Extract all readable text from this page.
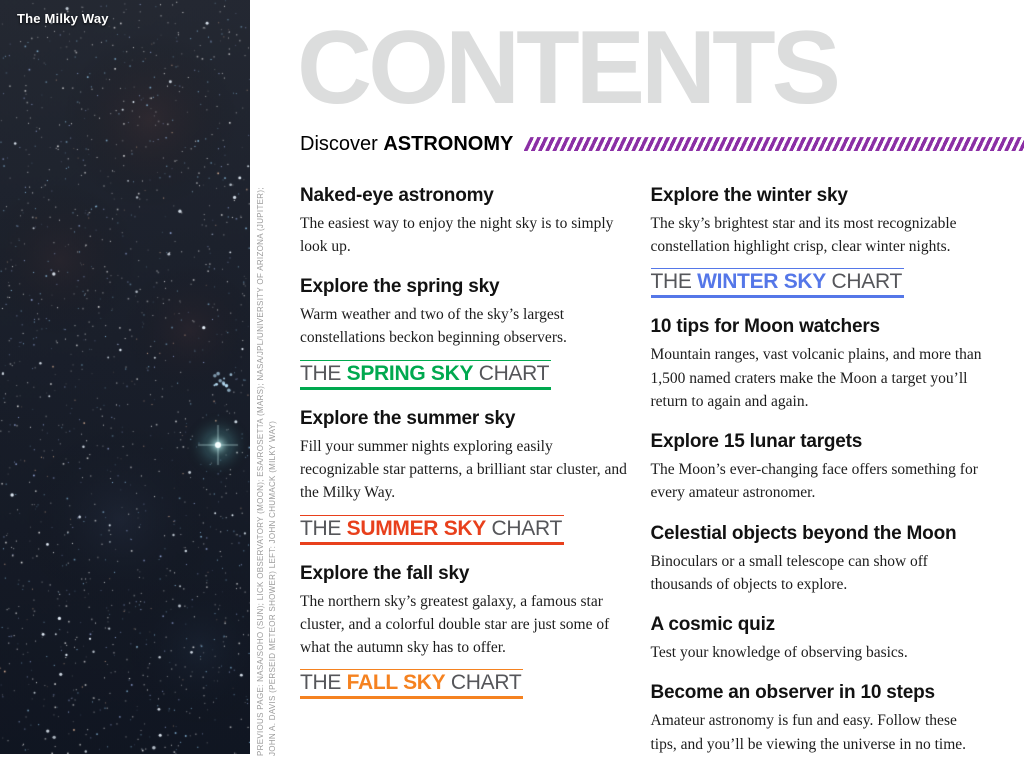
The Milky Way
PREVIOUS PAGE: NASA/SOHO (SUN); LICK OBSERVATORY (MOON); ESA/ROSETTA (MARS); NASA/JPL/UNIVERSITY OF ARIZONA (JUPITER); JOHN A. DAVIS (PERSEID METEOR SHOWER) LEFT: JOHN CHUMACK (MILKY WAY)
CONTENTS
Discover ASTRONOMY
Naked-eye astronomy

The easiest way to enjoy the night sky is to simply look up.

Explore the spring sky

Warm weather and two of the sky’s largest constellations beckon beginning observers.

THE SPRING SKY CHART
Explore the summer sky

Fill your summer nights exploring easily recognizable star patterns, a brilliant star cluster, and the Milky Way.

THE SUMMER SKY CHART
Explore the fall sky

The northern sky’s greatest galaxy, a famous star cluster, and a colorful double star are just some of what the autumn sky has to offer.

THE FALL SKY CHART
Explore the winter sky

The sky’s brightest star and its most recognizable constellation highlight crisp, clear winter nights.

THE WINTER SKY CHART
10 tips for Moon watchers

Mountain ranges, vast volcanic plains, and more than 1,500 named craters make the Moon a target you’ll return to again and again.

Explore 15 lunar targets

The Moon’s ever-changing face offers something for every amateur astronomer.

Celestial objects beyond the Moon

Binoculars or a small telescope can show off thousands of objects to explore.

A cosmic quiz

Test your knowledge of observing basics.

Become an observer in 10 steps

Amateur astronomy is fun and easy. Follow these tips, and you’ll be viewing the universe in no time.
